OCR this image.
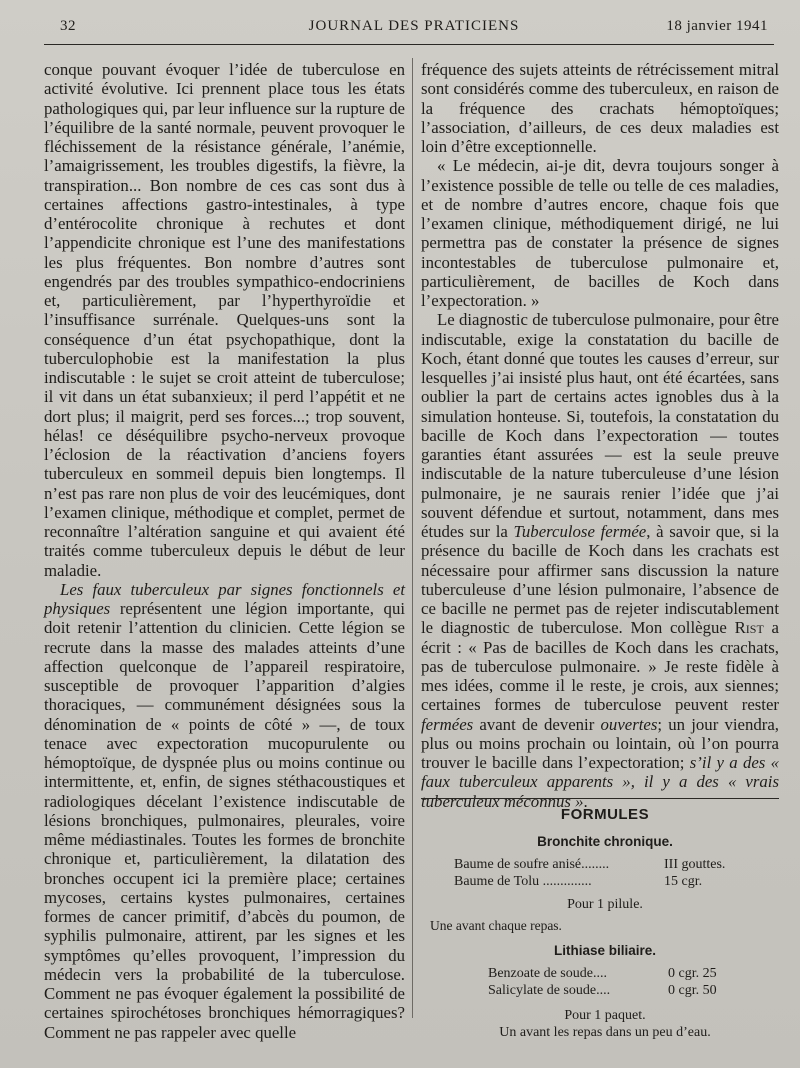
32	JOURNAL DES PRATICIENS	18 janvier 1941

conque pouvant évoquer l’idée de tuberculose en activité évolutive. Ici prennent place tous les états pathologiques qui, par leur influence sur la rupture de l’équilibre de la santé normale, peuvent provoquer le fléchissement de la résistance générale, l’anémie, l’amaigrissement, les troubles digestifs, la fièvre, la transpiration... Bon nombre de ces cas sont dus à certaines affections gastro-intestinales, à type d’entérocolite chronique à rechutes et dont l’appendicite chronique est l’une des manifestations les plus fréquentes. Bon nombre d’autres sont engendrés par des troubles sympathico-endocriniens et, particulièrement, par l’hyperthyroïdie et l’insuffisance surrénale. Quelques-uns sont la conséquence d’un état psychopathique, dont la tuberculophobie est la manifestation la plus indiscutable : le sujet se croit atteint de tuberculose; il vit dans un état subanxieux; il perd l’appétit et ne dort plus; il maigrit, perd ses forces...; trop souvent, hélas! ce déséquilibre psycho-nerveux provoque l’éclosion de la réactivation d’anciens foyers tuberculeux en sommeil depuis bien longtemps. Il n’est pas rare non plus de voir des leucémiques, dont l’examen clinique, méthodique et complet, permet de reconnaître l’altération sanguine et qui avaient été traités comme tuberculeux depuis le début de leur maladie.

Les faux tuberculeux par signes fonctionnels et physiques représentent une légion importante, qui doit retenir l’attention du clinicien. Cette légion se recrute dans la masse des malades atteints d’une affection quelconque de l’appareil respiratoire, susceptible de provoquer l’apparition d’algies thoraciques, — communément désignées sous la dénomination de « points de côté » —, de toux tenace avec expectoration mucopurulente ou hémoptoïque, de dyspnée plus ou moins continue ou intermittente, et, enfin, de signes stéthacoustiques et radiologiques décelant l’existence indiscutable de lésions bronchiques, pulmonaires, pleurales, voire même médiastinales. Toutes les formes de bronchite chronique et, particulièrement, la dilatation des bronches occupent ici la première place; certaines mycoses, certains kystes pulmonaires, certaines formes de cancer primitif, d’abcès du poumon, de syphilis pulmonaire, attirent, par les signes et les symptômes qu’elles provoquent, l’impression du médecin vers la probabilité de la tuberculose. Comment ne pas évoquer également la possibilité de certaines spirochétoses bronchiques hémorragiques? Comment ne pas rappeler avec quelle

fréquence des sujets atteints de rétrécissement mitral sont considérés comme des tuberculeux, en raison de la fréquence des crachats hémoptoïques; l’association, d’ailleurs, de ces deux maladies est loin d’être exceptionnelle.

« Le médecin, ai-je dit, devra toujours songer à l’existence possible de telle ou telle de ces maladies, et de nombre d’autres encore, chaque fois que l’examen clinique, méthodiquement dirigé, ne lui permettra pas de constater la présence de signes incontestables de tuberculose pulmonaire et, particulièrement, de bacilles de Koch dans l’expectoration. »

Le diagnostic de tuberculose pulmonaire, pour être indiscutable, exige la constatation du bacille de Koch, étant donné que toutes les causes d’erreur, sur lesquelles j’ai insisté plus haut, ont été écartées, sans oublier la part de certains actes ignobles dus à la simulation honteuse. Si, toutefois, la constatation du bacille de Koch dans l’expectoration — toutes garanties étant assurées — est la seule preuve indiscutable de la nature tuberculeuse d’une lésion pulmonaire, je ne saurais renier l’idée que j’ai souvent défendue et surtout, notamment, dans mes études sur la Tuberculose fermée, à savoir que, si la présence du bacille de Koch dans les crachats est nécessaire pour affirmer sans discussion la nature tuberculeuse d’une lésion pulmonaire, l’absence de ce bacille ne permet pas de rejeter indiscutablement le diagnostic de tuberculose. Mon collègue Rist a écrit : « Pas de bacilles de Koch dans les crachats, pas de tuberculose pulmonaire. » Je reste fidèle à mes idées, comme il le reste, je crois, aux siennes; certaines formes de tuberculose peuvent rester fermées avant de devenir ouvertes; un jour viendra, plus ou moins prochain ou lointain, où l’on pourra trouver le bacille dans l’expectoration; s’il y a des « faux tuberculeux apparents », il y a des « vrais tuberculeux méconnus ».

FORMULES
Bronchite chronique.
Baume de soufre anisé........	III gouttes.
Baume de Tolu ..............	15 cgr.
Pour 1 pilule.
Une avant chaque repas.
Lithiase biliaire.
Benzoate de soude....	0 cgr. 25
Salicylate de soude....	0 cgr. 50
Pour 1 paquet.
Un avant les repas dans un peu d’eau.
